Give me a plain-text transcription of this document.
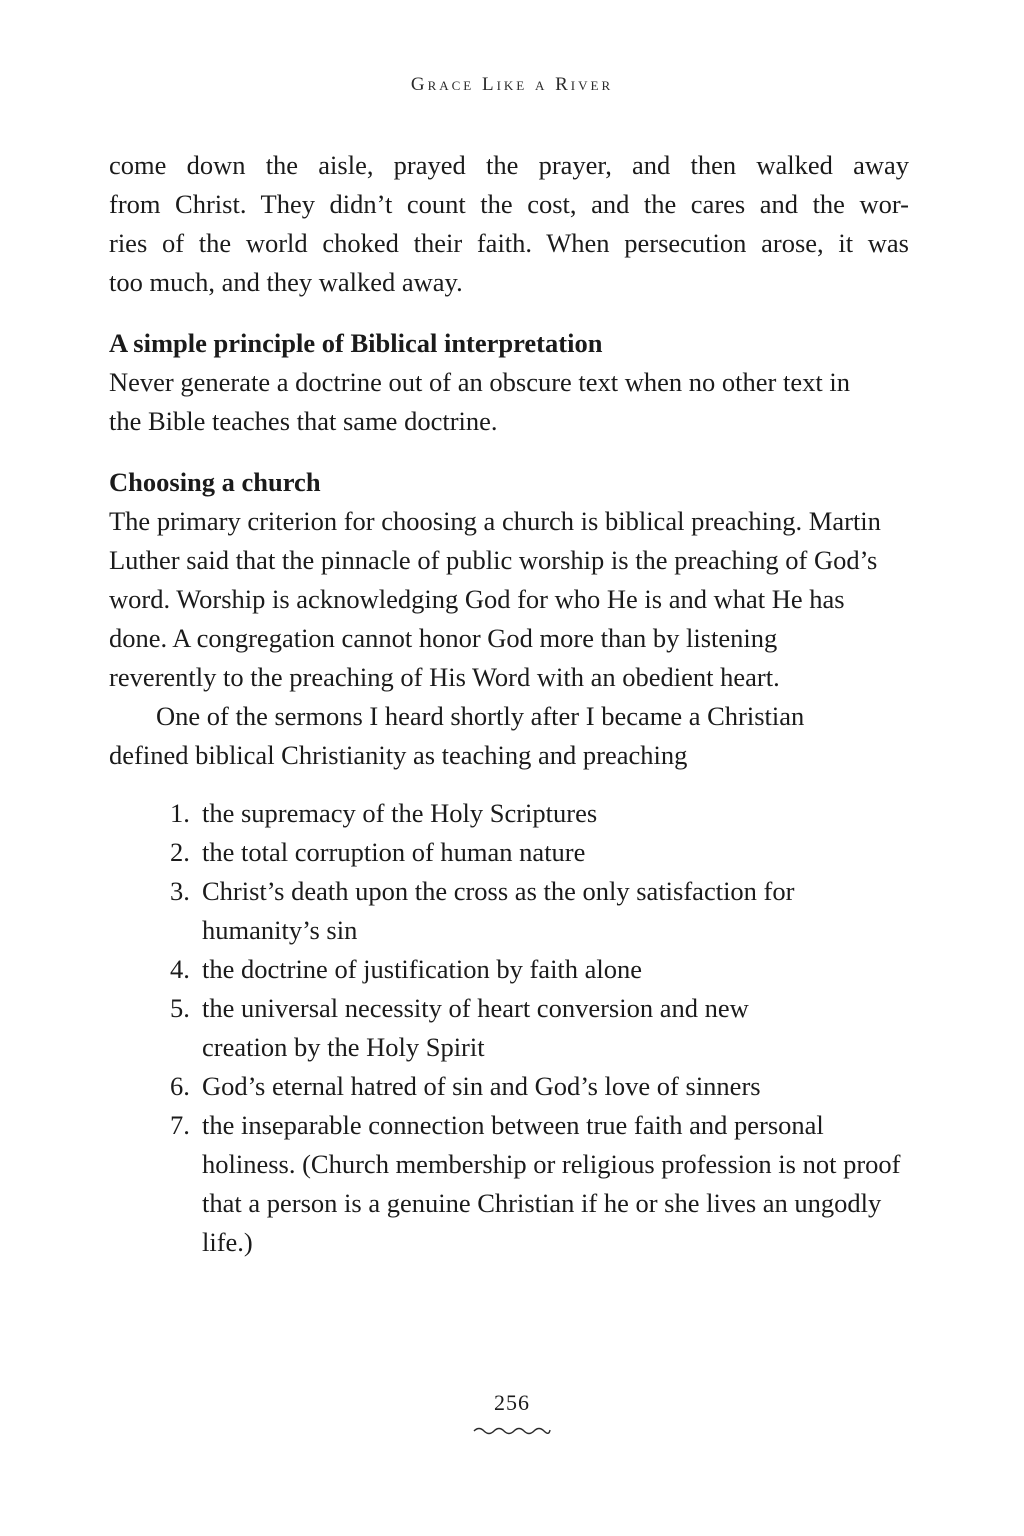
Grace Like a River
come down the aisle, prayed the prayer, and then walked away
from Christ. They didn’t count the cost, and the cares and the wor-
ries of the world choked their faith. When persecution arose, it was
too much, and they walked away.

A simple principle of Biblical interpretation

Never generate a doctrine out of an obscure text when no other text in the Bible teaches that same doctrine.

Choosing a church

The primary criterion for choosing a church is biblical preaching. Martin Luther said that the pinnacle of public worship is the preaching of God’s word. Worship is acknowledging God for who He is and what He has done. A congregation cannot honor God more than by listening reverently to the preaching of His Word with an obedient heart.

One of the sermons I heard shortly after I became a Christian defined biblical Christianity as teaching and preaching

1. the supremacy of the Holy Scriptures
2. the total corruption of human nature
3. Christ’s death upon the cross as the only satisfaction for humanity’s sin
4. the doctrine of justification by faith alone
5. the universal necessity of heart conversion and new creation by the Holy Spirit
6. God’s eternal hatred of sin and God’s love of sinners
7. the inseparable connection between true faith and personal holiness. (Church membership or religious profession is not proof that a person is a genuine Christian if he or she lives an ungodly life.)
256
